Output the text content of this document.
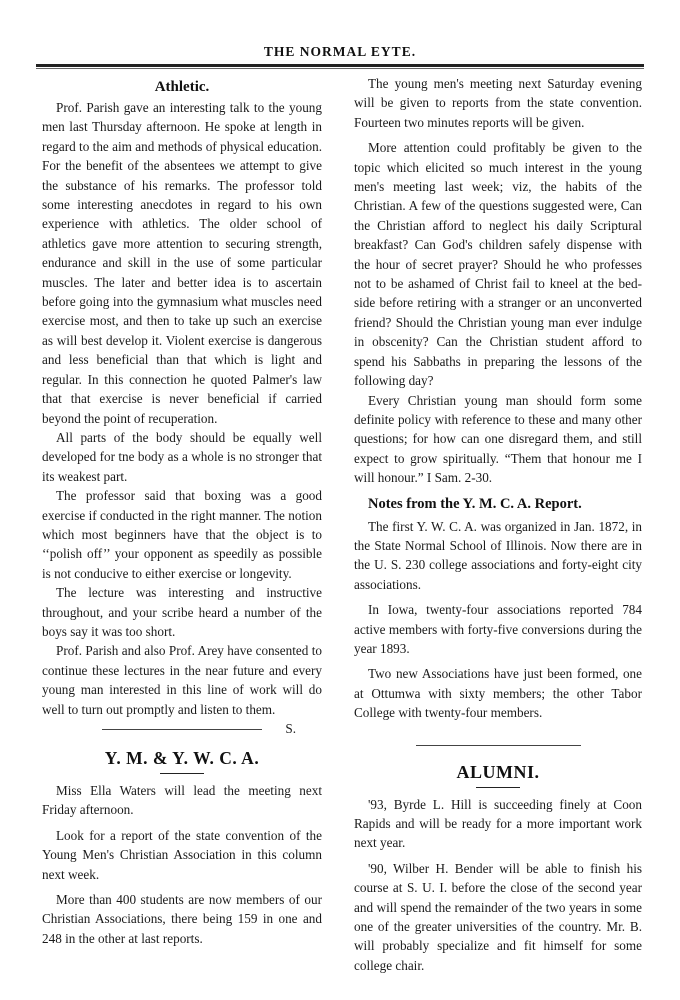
THE NORMAL EYTE.
Athletic.

Prof. Parish gave an interesting talk to the young men last Thursday afternoon. He spoke at length in regard to the aim and methods of physical education. For the benefit of the absentees we attempt to give the substance of his remarks. The professor told some interesting anecdotes in regard to his own experience with athletics. The older school of athletics gave more attention to securing strength, endurance and skill in the use of some particular muscles. The later and better idea is to ascertain before going into the gymnasium what muscles need exercise most, and then to take up such an exercise as will best develop it. Violent exercise is dangerous and less beneficial than that which is light and regular. In this connection he quoted Palmer's law that that exercise is never beneficial if carried beyond the point of recuperation.

All parts of the body should be equally well developed for tne body as a whole is no stronger that its weakest part.

The professor said that boxing was a good exercise if conducted in the right manner. The notion which most beginners have that the object is to ‘‘polish off’’ your opponent as speedily as possible is not conducive to either exercise or longevity.

The lecture was interesting and instructive throughout, and your scribe heard a number of the boys say it was too short.

Prof. Parish and also Prof. Arey have consented to continue these lectures in the near future and every young man interested in this line of work will do well to turn out promptly and listen to them.
S.

Y. M. & Y. W. C. A.

Miss Ella Waters will lead the meeting next Friday afternoon.

Look for a report of the state convention of the Young Men's Christian Association in this column next week.

More than 400 students are now members of our Christian Associations, there being 159 in one and 248 in the other at last reports.

The young men's meeting next Saturday evening will be given to reports from the state convention. Fourteen two minutes reports will be given.

More attention could profitably be given to the topic which elicited so much interest in the young men's meeting last week; viz, the habits of the Christian. A few of the questions suggested were, Can the Christian afford to neglect his daily Scriptural breakfast? Can God's children safely dispense with the hour of secret prayer? Should he who professes not to be ashamed of Christ fail to kneel at the bed-side before retiring with a stranger or an unconverted friend? Should the Christian young man ever indulge in obscenity? Can the Christian student afford to spend his Sabbaths in preparing the lessons of the following day?

Every Christian young man should form some definite policy with reference to these and many other questions; for how can one disregard them, and still expect to grow spiritually. “Them that honour me I will honour.” I Sam. 2-30.

Notes from the Y. M. C. A. Report.

The first Y. W. C. A. was organized in Jan. 1872, in the State Normal School of Illinois. Now there are in the U. S. 230 college associations and forty-eight city associations.

In Iowa, twenty-four associations reported 784 active members with forty-five conversions during the year 1893.

Two new Associations have just been formed, one at Ottumwa with sixty members; the other Tabor College with twenty-four members.

ALUMNI.

'93, Byrde L. Hill is succeeding finely at Coon Rapids and will be ready for a more important work next year.

'90, Wilber H. Bender will be able to finish his course at S. U. I. before the close of the second year and will spend the remainder of the two years in some one of the greater universities of the country. Mr. B. will probably specialize and fit himself for some college chair.
